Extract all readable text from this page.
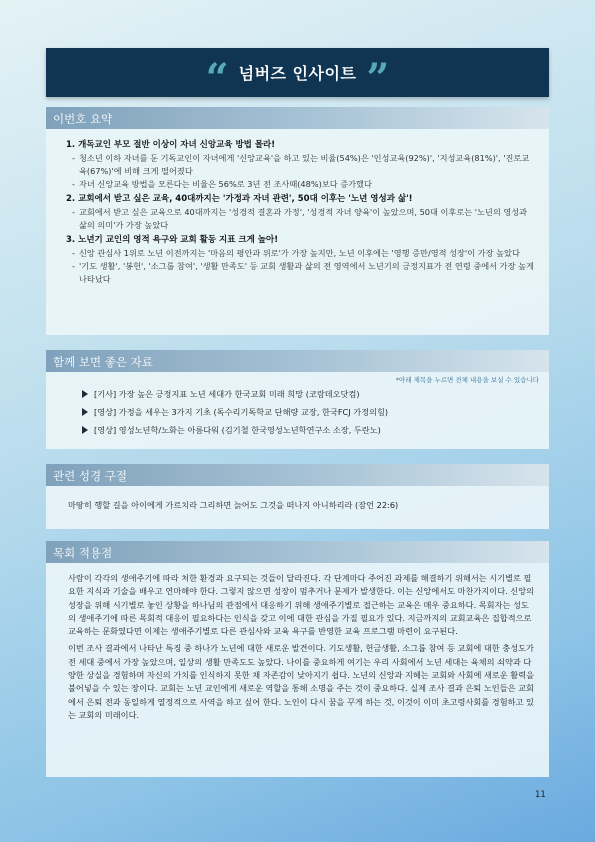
“ 넘버즈 인사이트 ”
이번호 요약
1. 개독교인 부모 절반 이상이 자녀 신앙교육 방법 몰라!
- 청소년 이하 자녀를 둔 기독교인이 자녀에게 '신앙교육'을 하고 있는 비율(54%)은 '인성교육(92%)', '지성교육(81%)', '진로교육(67%)'에 비해 크게 떨어졌다
- 자녀 신앙교육 방법을 모른다는 비율은 56%로 3년 전 조사때(48%)보다 증가했다
2. 교회에서 받고 싶은 교육, 40대까지는 '가정과 자녀 관련', 50대 이후는 '노년 영성과 삶'!
- 교회에서 받고 싶은 교육으로 40대까지는 '성경적 결혼과 가정', '성경적 자녀 양육'이 높았으며, 50대 이후로는 '노년의 영성과 삶의 의미'가 가장 높았다
3. 노년기 교인의 영적 욕구와 교회 활동 지표 크게 높아!
- 신앙 관심사 1위로 노년 이전까지는 '마음의 평안과 위로'가 가장 높지만, 노년 이후에는 '영행 증만/영적 성장'이 가장 높았다
- '기도 생활', '봉헌', '소그룹 참여', '생활 만족도' 등 교회 생활과 삶의 전 영역에서 노년기의 긍정지표가 전 연령 중에서 가장 높게 나타났다
함께 보면 좋은 자료
*아래 제목을 누르면 전체 내용을 보실 수 있습니다
[기사] 가장 높은 긍정지표 노년 세대가 한국교회 미래 희망 (코람데오닷컴)
[영상] 가정을 세우는 3가지 기초 (독수리기독학교 단해량 교장, 한국FCJ 가정의힘)
[영상] 영성노년학/노화는 아름다워 (김기철 한국영성노년학연구소 소장, 두란노)
관련 성경 구절
마땅히 행할 길을 아이에게 가르치라 그리하면 늙어도 그것을 떠나지 아니하리라 (잠언 22:6)
목회 적용점

사람이 각각의 생애주기에 따라 처한 환경과 요구되는 것들이 달라진다. 각 단계마다 주어진 과제를 해결하기 위해서는 시기별로 필요한 지식과 기술을 배우고 연마해야 한다. 그렇지 않으면 성장이 멈추거나 문제가 발생한다. 이는 신앙에서도 마찬가지이다. 신앙의 성장을 위해 시기별로 놓인 상황을 하나님의 관점에서 대응하기 위해 생애주기별로 접근하는 교육은 매우 중요하다. 목회자는 성도의 생애주기에 따른 목회적 대응이 필요하다는 인식을 갖고 이에 대한 관심을 가질 필요가 있다. 지금까지의 교회교육은 집합적으로 교육하는 문화였다면 이제는 생애주기별로 다른 관심사와 교육 욕구를 반영한 교육 프로그램 마련이 요구된다.

이번 조사 결과에서 나타난 특징 중 하나가 노년에 대한 새로운 발견이다. 기도생활, 헌금생활, 소그룹 참여 등 교회에 대한 충성도가 전 세대 중에서 가장 높았으며, 일상의 생활 만족도도 높았다. 나이를 중요하게 여기는 우리 사회에서 노년 세대는 육체의 쇠약과 다양한 상실을 경험하며 자신의 가치를 인식하지 못한 채 자존감이 낮아지기 쉽다. 노년의 신앙과 지혜는 교회와 사회에 새로운 활력을 불어넣을 수 있는 장이다. 교회는 노년 교인에게 새로운 역할을 통해 소명을 주는 것이 중요하다. 실제 조사 결과 은퇴 노인들은 교회에서 은퇴 전과 동일하게 열정적으로 사역을 하고 싶어 한다. 노인이 다시 꿈을 꾸게 하는 것, 이것이 이미 초고령사회를 경험하고 있는 교회의 미래이다.

11
